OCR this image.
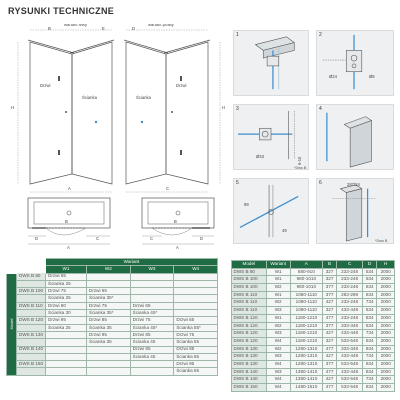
RYSUNKI TECHNICZNE
wariant lewy	wariant prawy
Drzwi
Ścianka	Ścianka
Drzwi
H	H
B	E	D
A	C
B
A
D	C
B
C	D
A
1	2
Ø24	Ø8
3
Ø33
6-10
*Dws B
4
5
89
49
6	287/24
*Dws B
		Wariant			
		W1	W2	W3	W4

Model	DWS B 80	Drzwi 65			
		Ścianka 25			
	DWS B 100	Drzwi 75	Drzwi 65		
		Ścianka 25	Ścianka 35*		
	DWS B 110	Drzwi 80	Drzwi 75	Drzwi 65	
		Ścianka 30	Ścianka 35*	Ścianka 45*	
	DWS B 120	Drzwi 95	Drzwi 85	Drzwi 75	Drzwi 65
		Ścianka 25	Ścianka 35	Ścianka 45*	Ścianka 55*
	DWS B 130		Drzwi 95	Drzwi 85	Drzwi 75
			Ścianka 35	Ścianka 45	Ścianka 55
	DWS B 140			Drzwi 95	Drzwi 85
				Ścianka 45	Ścianka 55
	DWS B 150				Drzwi 95
					Ścianka 55
Model	Wariant	A	B	C	D	H
DWS B 80	W1	880-910	327	233-248	534	2000
DWS B 100	W1	980-1010	327	233-248	534	2000
DWS B 100	W2	980-1010	377	233-248	634	2000
DWS B 110	W1	1080-1110	377	283-298	634	2000
DWS B 110	W2	1080-1110	427	233-248	734	2000
DWS B 110	W3	1080-1110	327	433-448	534	2000
DWS B 120	W1	1180-1210	477	233-248	834	2000
DWS B 120	W2	1180-1210	377	333-348	634	2000
DWS B 120	W3	1180-1210	427	433-448	734	2000
DWS B 120	W4	1180-1210	327	533-548	534	2000
DWS B 130	W2	1280-1310	477	333-348	834	2000
DWS B 130	W3	1280-1310	427	433-448	734	2000
DWS B 130	W4	1280-1310	377	533-548	634	2000
DWS B 140	W3	1380-1410	477	433-448	834	2000
DWS B 140	W4	1380-1410	427	533-548	734	2000
DWS B 150	W4	1480-1510	477	533-548	834	2000
